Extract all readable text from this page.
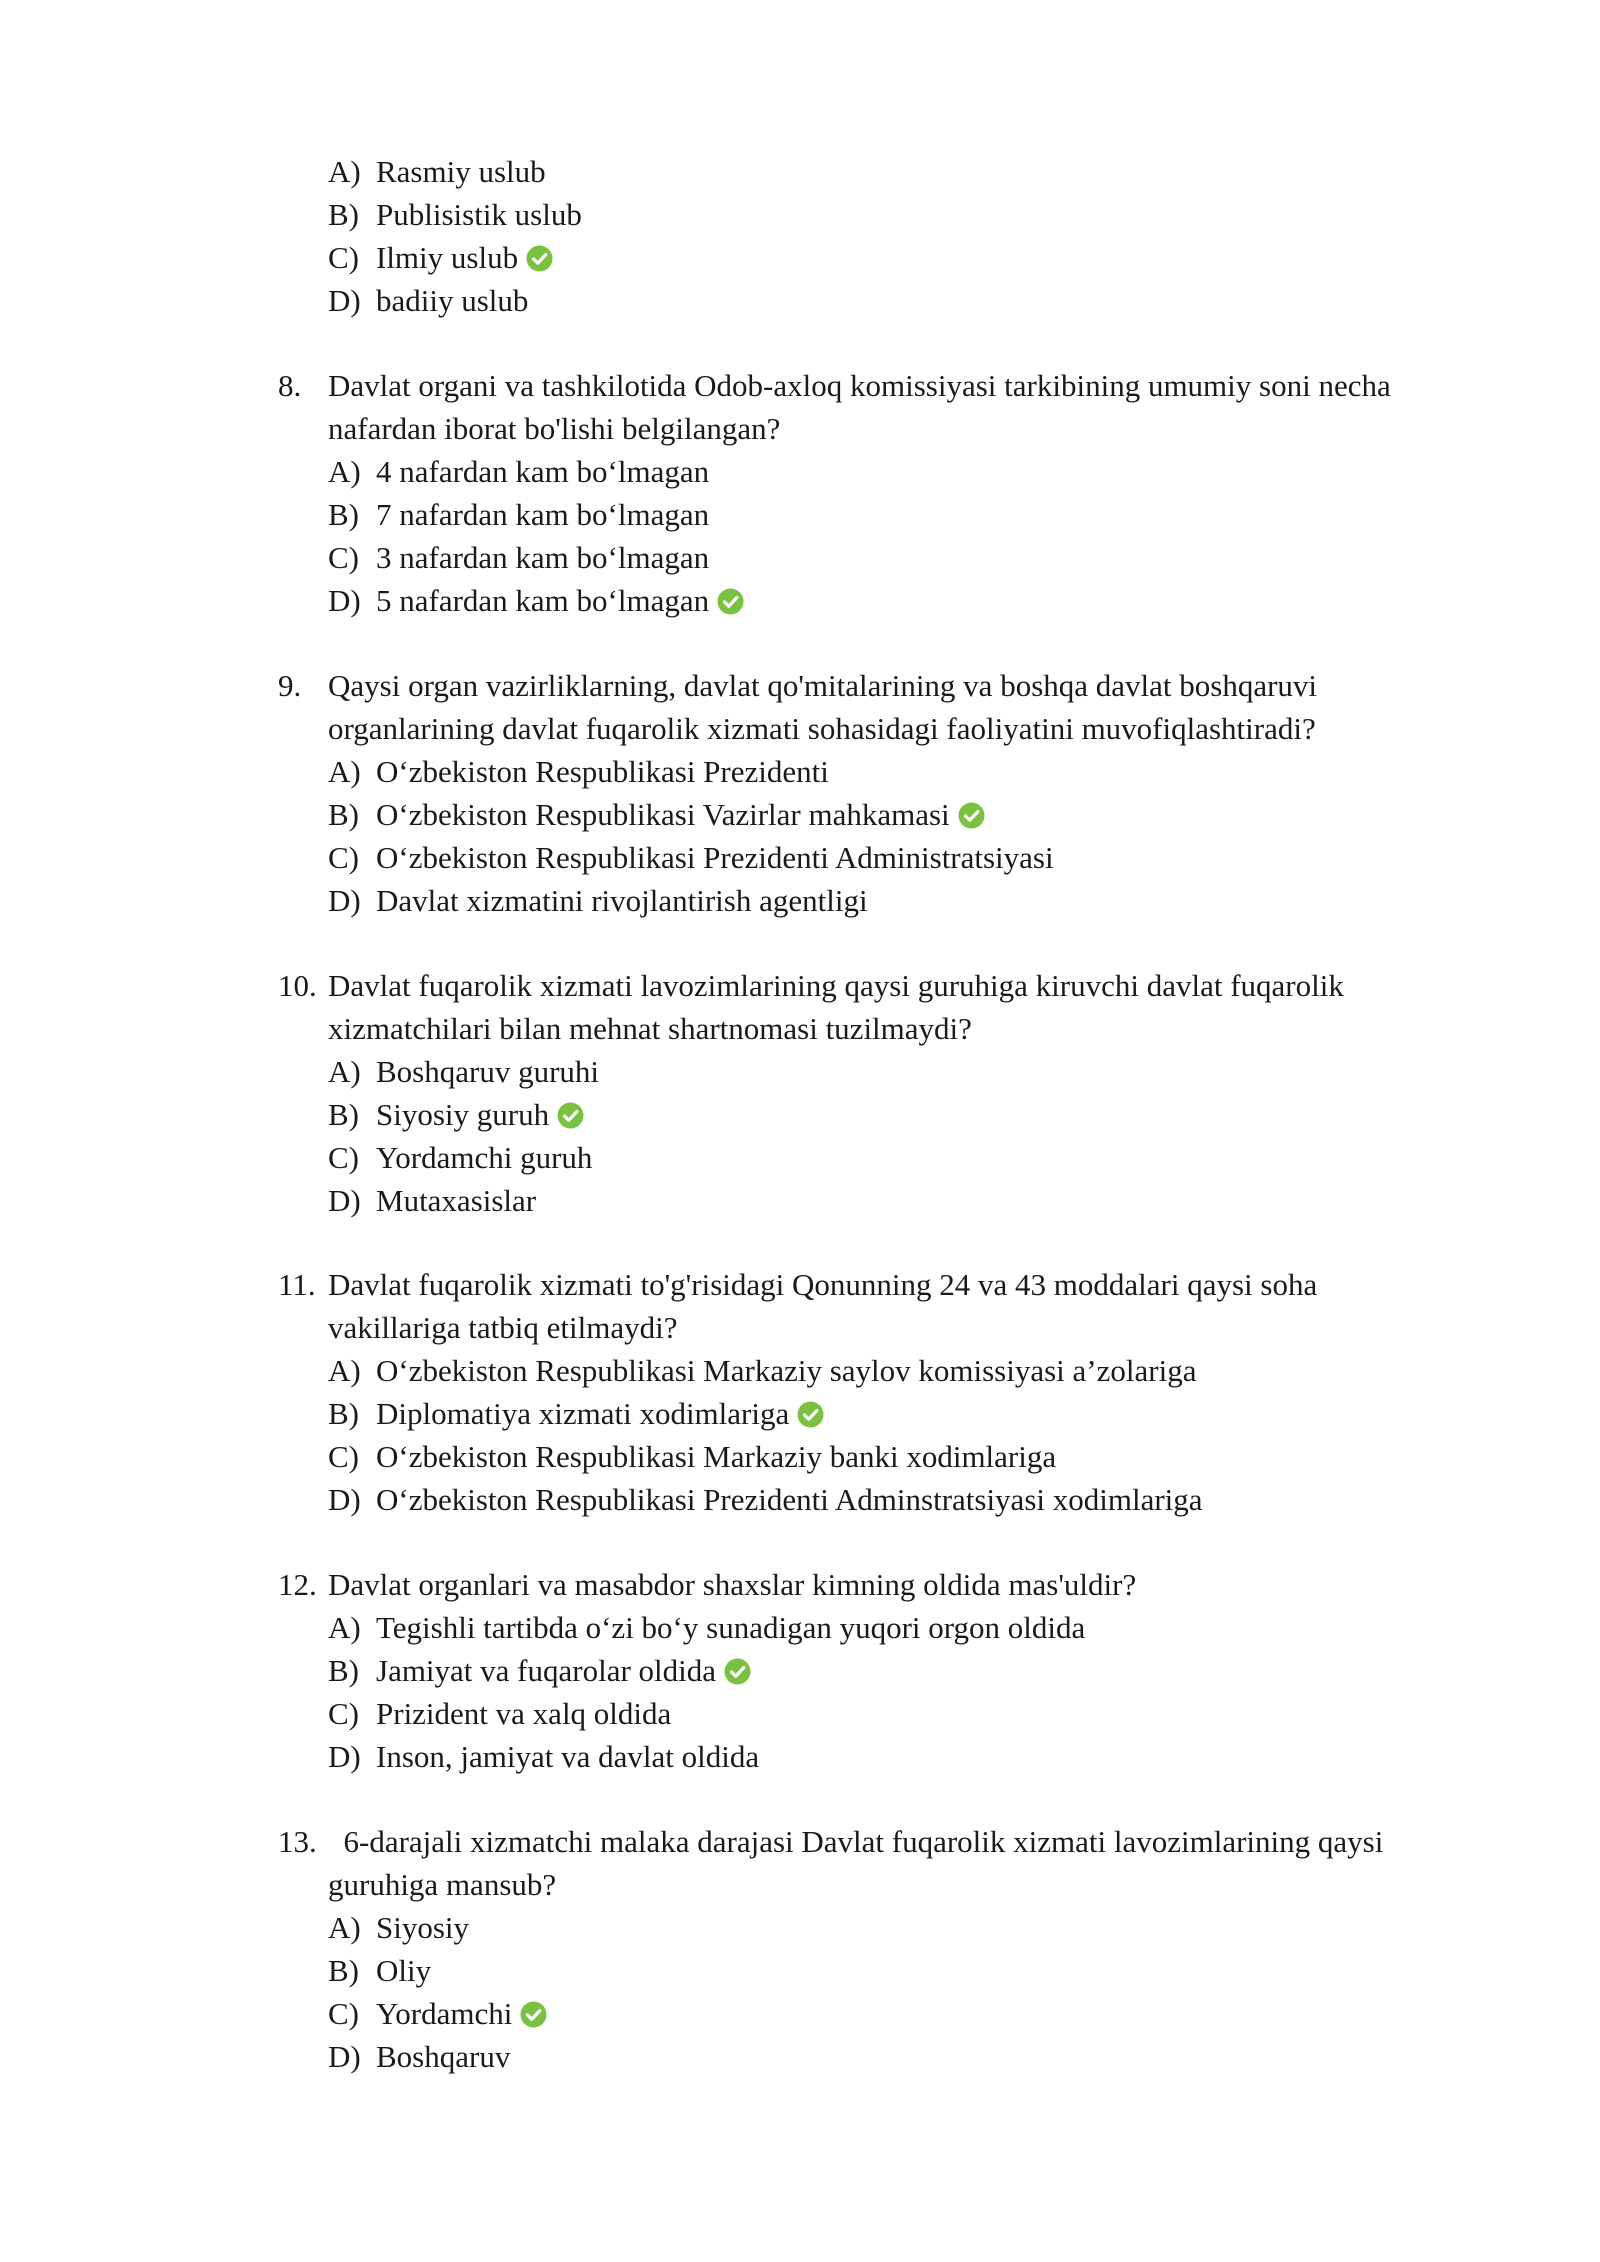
A) Rasmiy uslub
B) Publisistik uslub
C) Ilmiy uslub
D) badiiy uslub
8. Davlat organi va tashkilotida Odob-axloq komissiyasi tarkibining umumiy soni necha
nafardan iborat bo'lishi belgilangan?
A) 4 nafardan kam bo‘lmagan
B) 7 nafardan kam bo‘lmagan
C) 3 nafardan kam bo‘lmagan
D) 5 nafardan kam bo‘lmagan
9. Qaysi organ vazirliklarning, davlat qo'mitalarining va boshqa davlat boshqaruvi
organlarining davlat fuqarolik xizmati sohasidagi faoliyatini muvofiqlashtiradi?
A) O‘zbekiston Respublikasi Prezidenti
B) O‘zbekiston Respublikasi Vazirlar mahkamasi
C) O‘zbekiston Respublikasi Prezidenti Administratsiyasi
D) Davlat xizmatini rivojlantirish agentligi
10. Davlat fuqarolik xizmati lavozimlarining qaysi guruhiga kiruvchi davlat fuqarolik
xizmatchilari bilan mehnat shartnomasi tuzilmaydi?
A) Boshqaruv guruhi
B) Siyosiy guruh
C) Yordamchi guruh
D) Mutaxasislar
11. Davlat fuqarolik xizmati to'g'risidagi Qonunning 24 va 43 moddalari qaysi soha
vakillariga tatbiq etilmaydi?
A) O‘zbekiston Respublikasi Markaziy saylov komissiyasi a’zolariga
B) Diplomatiya xizmati xodimlariga
C) O‘zbekiston Respublikasi Markaziy banki xodimlariga
D) O‘zbekiston Respublikasi Prezidenti Adminstratsiyasi xodimlariga
12. Davlat organlari va masabdor shaxslar kimning oldida mas'uldir?
A) Tegishli tartibda o‘zi bo‘y sunadigan yuqori orgon oldida
B) Jamiyat va fuqarolar oldida
C) Prizident va xalq oldida
D) Inson, jamiyat va davlat oldida
13. 6-darajali xizmatchi malaka darajasi Davlat fuqarolik xizmati lavozimlarining qaysi
guruhiga mansub?
A) Siyosiy
B) Oliy
C) Yordamchi
D) Boshqaruv
